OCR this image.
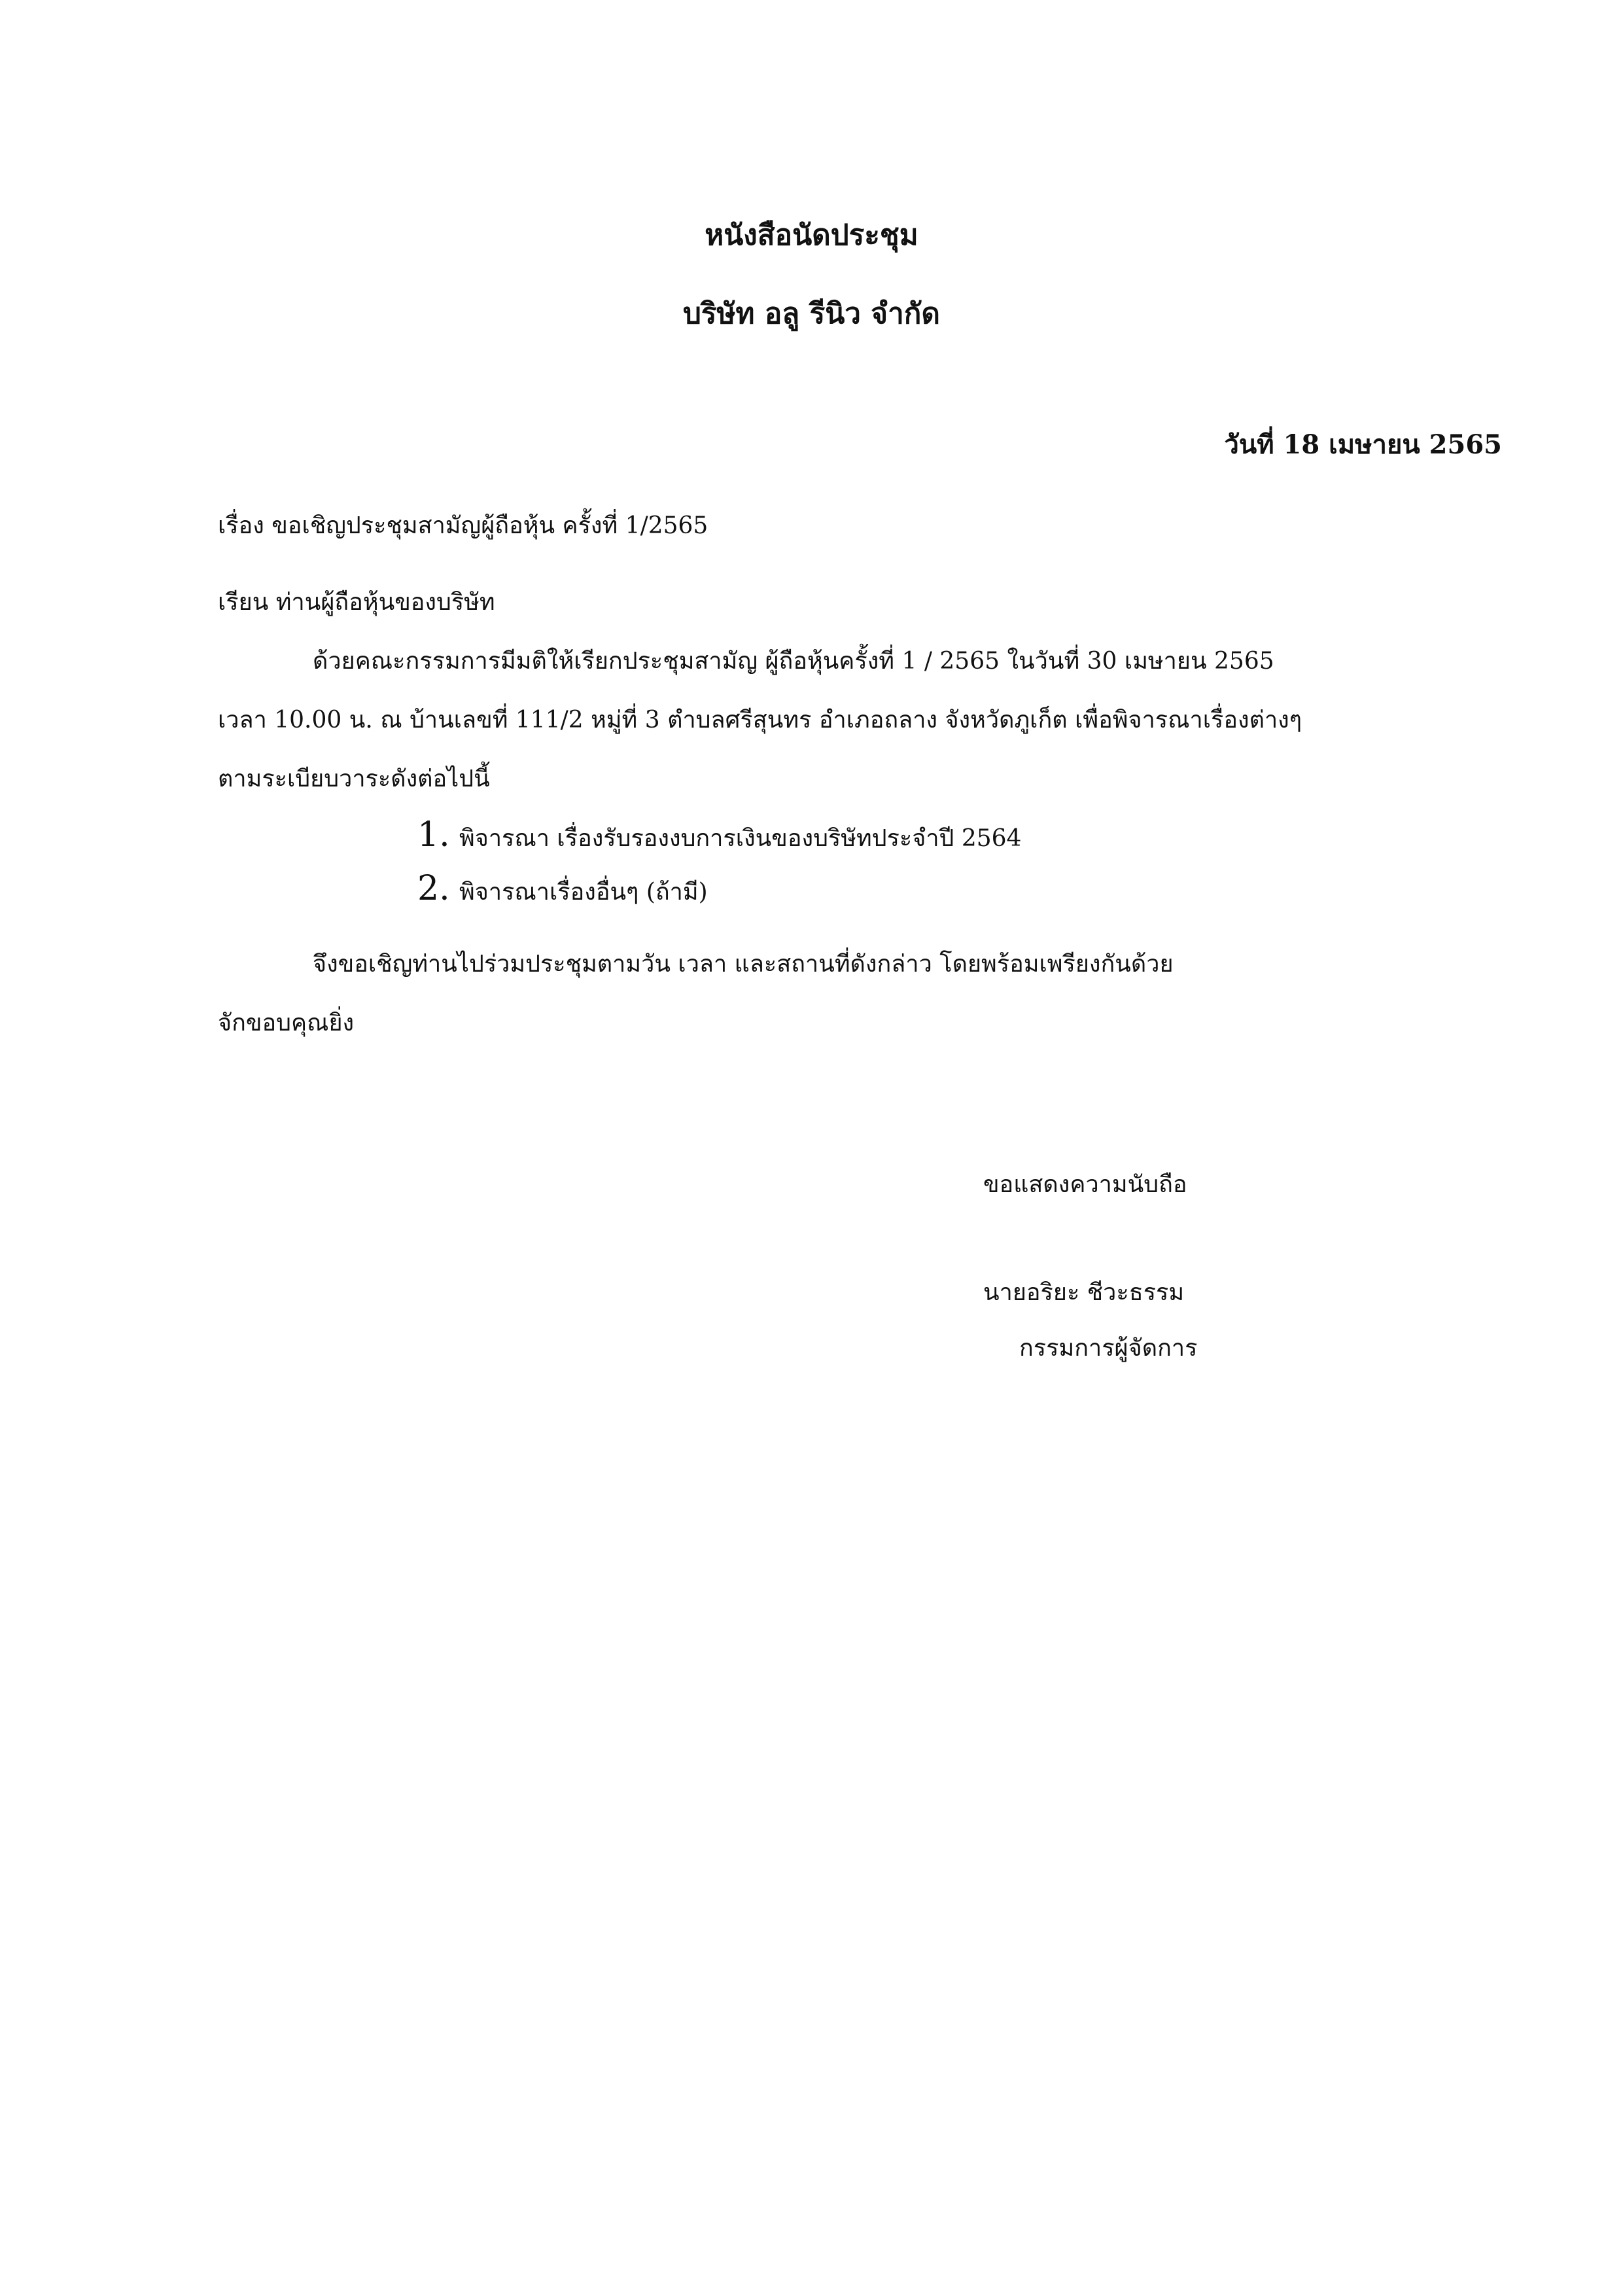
หนังสือนัดประชุม
บริษัท อลู รีนิว จำกัด
วันที่ 18 เมษายน 2565
เรื่อง ขอเชิญประชุมสามัญผู้ถือหุ้น ครั้งที่ 1/2565
เรียน ท่านผู้ถือหุ้นของบริษัท
ด้วยคณะกรรมการมีมติให้เรียกประชุมสามัญ ผู้ถือหุ้นครั้งที่ 1 / 2565 ในวันที่ 30 เมษายน 2565
เวลา 10.00 น. ณ บ้านเลขที่ 111/2 หมู่ที่ 3 ตำบลศรีสุนทร อำเภอถลาง จังหวัดภูเก็ต เพื่อพิจารณาเรื่องต่างๆ
ตามระเบียบวาระดังต่อไปนี้
1. พิจารณา เรื่องรับรองงบการเงินของบริษัทประจำปี 2564
2. พิจารณาเรื่องอื่นๆ (ถ้ามี)
จึงขอเชิญท่านไปร่วมประชุมตามวัน เวลา และสถานที่ดังกล่าว โดยพร้อมเพรียงกันด้วย
จักขอบคุณยิ่ง
ขอแสดงความนับถือ
นายอริยะ ชีวะธรรม
กรรมการผู้จัดการ
